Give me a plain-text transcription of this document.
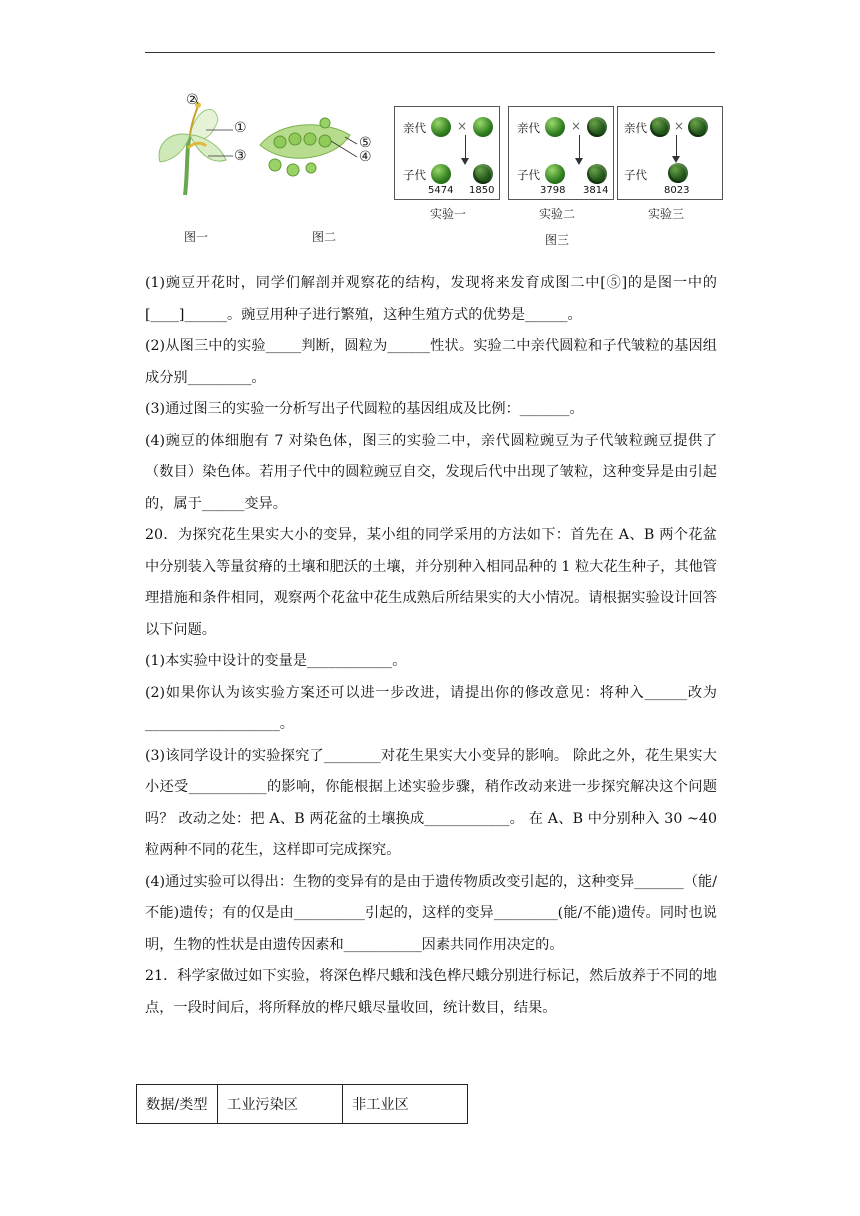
②
①
③
图一
⑤
④
图二
亲代	×
子代
5474 1850
实验一
亲代	×
子代
3798 3814
实验二
亲代 ×
子代
8023
实验三
图三

(1)豌豆开花时，同学们解剖并观察花的结构，发现将来发育成图二中[⑤]的是图一中的[____]______。豌豆用种子进行繁殖，这种生殖方式的优势是______。

(2)从图三中的实验_____判断，圆粒为______性状。实验二中亲代圆粒和子代皱粒的基因组成分别_________。

(3)通过图三的实验一分析写出子代圆粒的基因组成及比例：_______。

(4)豌豆的体细胞有 7 对染色体，图三的实验二中，亲代圆粒豌豆为子代皱粒豌豆提供了（数目）染色体。若用子代中的圆粒豌豆自交，发现后代中出现了皱粒，这种变异是由引起的，属于______变异。

20．为探究花生果实大小的变异，某小组的同学采用的方法如下：首先在 A、B 两个花盆中分别装入等量贫瘠的土壤和肥沃的土壤，并分别种入相同品种的 1 粒大花生种子，其他管理措施和条件相同，观察两个花盆中花生成熟后所结果实的大小情况。请根据实验设计回答以下问题。

(1)本实验中设计的变量是____________。

(2)如果你认为该实验方案还可以进一步改进，请提出你的修改意见：将种入______改为___________________。

(3)该同学设计的实验探究了________对花生果实大小变异的影响。 除此之外，花生果实大小还受___________的影响，你能根据上述实验步骤，稍作改动来进一步探究解决这个问题吗？ 改动之处：把 A、B 两花盆的土壤换成____________。 在 A、B 中分别种入 30 ~40 粒两种不同的花生，这样即可完成探究。

(4)通过实验可以得出：生物的变异有的是由于遗传物质改变引起的，这种变异_______（能/不能)遗传；有的仅是由__________引起的，这样的变异_________(能/不能)遗传。同时也说明，生物的性状是由遗传因素和___________因素共同作用决定的。

21．科学家做过如下实验，将深色桦尺蛾和浅色桦尺蛾分别进行标记，然后放养于不同的地点，一段时间后，将所释放的桦尺蛾尽量收回，统计数目，结果。

数据/类型	工业污染区	非工业区
